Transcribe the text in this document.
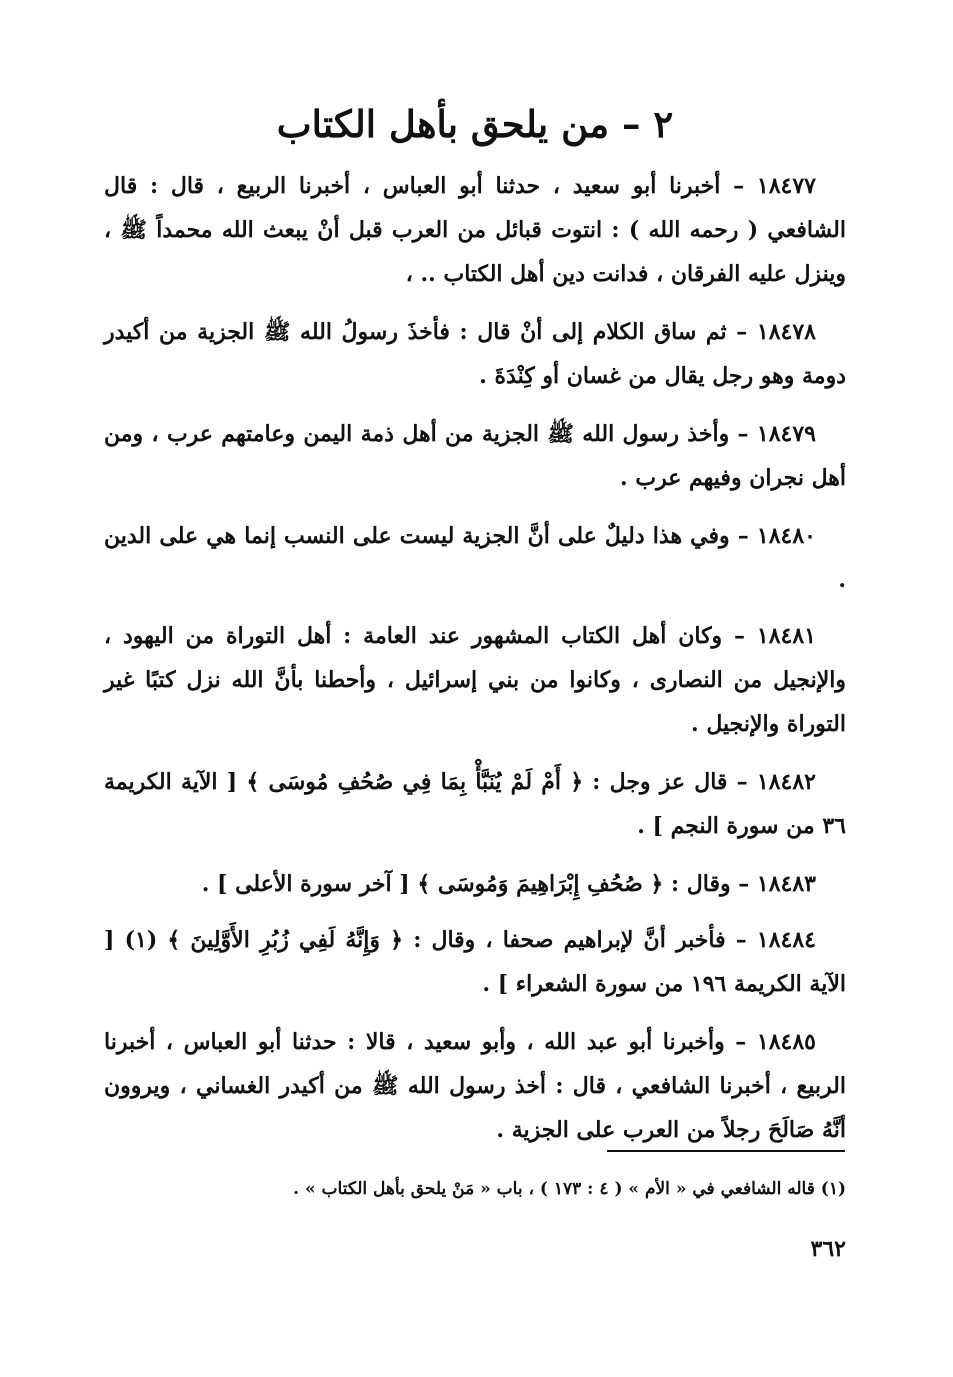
٢ – من يلحق بأهل الكتاب

١٨٤٧٧ – أخبرنا أبو سعيد ، حدثنا أبو العباس ، أخبرنا الربيع ، قال : قال الشافعي ( رحمه الله ) : انتوت قبائل من العرب قبل أنْ يبعث الله محمداً ﷺ ، وينزل عليه الفرقان ، فدانت دين أهل الكتاب .. ،

١٨٤٧٨ – ثم ساق الكلام إلى أنْ قال : فأخذَ رسولُ الله ﷺ الجزية من أكيدر دومة وهو رجل يقال من غسان أو كِنْدَةَ .

١٨٤٧٩ – وأخذ رسول الله ﷺ الجزية من أهل ذمة اليمن وعامتهم عرب ، ومن أهل نجران وفيهم عرب .

١٨٤٨٠ – وفي هذا دليلٌ على أنَّ الجزية ليست على النسب إنما هي على الدين .

١٨٤٨١ – وكان أهل الكتاب المشهور عند العامة : أهل التوراة من اليهود ، والإنجيل من النصارى ، وكانوا من بني إسرائيل ، وأحطنا بأنَّ الله نزل كتبًا غير التوراة والإنجيل .

١٨٤٨٢ – قال عز وجل : ﴿ أَمْ لَمْ يُنَبَّأْ بِمَا فِي صُحُفِ مُوسَى ﴾ [ الآية الكريمة ٣٦ من سورة النجم ] .

١٨٤٨٣ – وقال : ﴿ صُحُفِ إِبْرَاهِيمَ وَمُوسَى ﴾ [ آخر سورة الأعلى ] .

١٨٤٨٤ – فأخبر أنَّ لإبراهيم صحفا ، وقال : ﴿ وَإِنَّهُ لَفِي زُبُرِ الأَوَّلِينَ ﴾ (١) [ الآية الكريمة ١٩٦ من سورة الشعراء ] .

١٨٤٨٥ – وأخبرنا أبو عبد الله ، وأبو سعيد ، قالا : حدثنا أبو العباس ، أخبرنا الربيع ، أخبرنا الشافعي ، قال : أخذ رسول الله ﷺ من أكيدر الغساني ، ويروون أنَّهُ صَالَحَ رجلاً من العرب على الجزية .

(١) قاله الشافعي في « الأم » ( ٤ : ١٧٣ ) ، باب « مَنْ يلحق بأهل الكتاب » .
٣٦٢
